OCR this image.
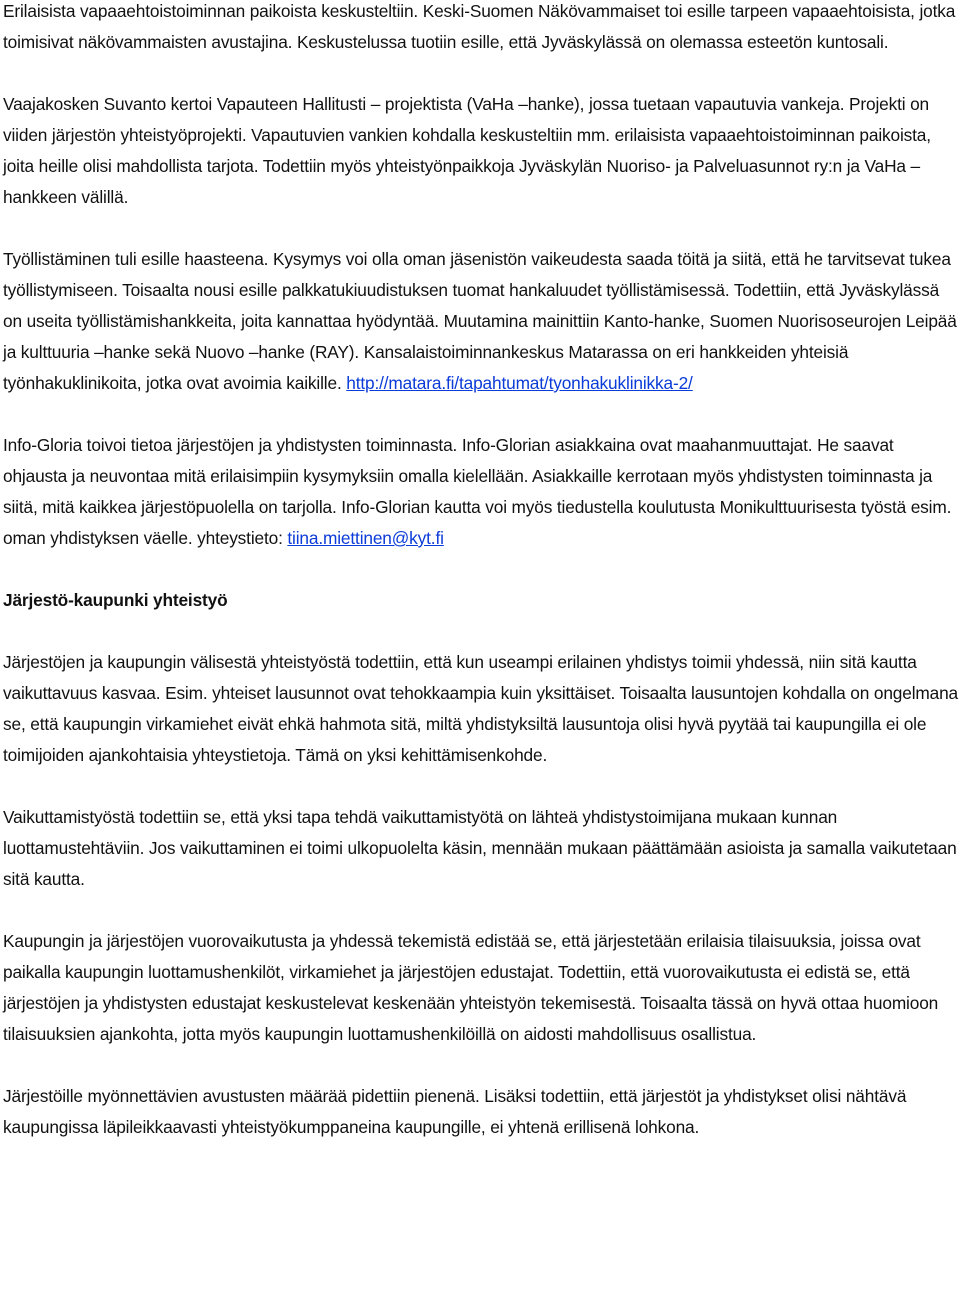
Erilaisista vapaaehtoistoiminnan paikoista keskusteltiin. Keski-Suomen Näkövammaiset toi esille tarpeen vapaaehtoisista, jotka toimisivat näkövammaisten avustajina. Keskustelussa tuotiin esille, että Jyväskylässä on olemassa esteetön kuntosali.

Vaajakosken Suvanto kertoi Vapauteen Hallitusti – projektista (VaHa –hanke), jossa tuetaan vapautuvia vankeja. Projekti on viiden järjestön yhteistyöprojekti. Vapautuvien vankien kohdalla keskusteltiin mm. erilaisista vapaaehtoistoiminnan paikoista, joita heille olisi mahdollista tarjota. Todettiin myös yhteistyönpaikkoja Jyväskylän Nuoriso- ja Palveluasunnot ry:n ja VaHa –hankkeen välillä.

Työllistäminen tuli esille haasteena. Kysymys voi olla oman jäsenistön vaikeudesta saada töitä ja siitä, että he tarvitsevat tukea työllistymiseen. Toisaalta nousi esille palkkatukiuudistuksen tuomat hankaluudet työllistämisessä. Todettiin, että Jyväskylässä on useita työllistämishankkeita, joita kannattaa hyödyntää. Muutamina mainittiin Kanto-hanke, Suomen Nuorisoseurojen Leipää ja kulttuuria –hanke sekä Nuovo –hanke (RAY). Kansalaistoiminnankeskus Matarassa on eri hankkeiden yhteisiä työnhakuklinikoita, jotka ovat avoimia kaikille. http://matara.fi/tapahtumat/tyonhakuklinikka-2/

Info-Gloria toivoi tietoa järjestöjen ja yhdistysten toiminnasta. Info-Glorian asiakkaina ovat maahanmuuttajat. He saavat ohjausta ja neuvontaa mitä erilaisimpiin kysymyksiin omalla kielellään. Asiakkaille kerrotaan myös yhdistysten toiminnasta ja siitä, mitä kaikkea järjestöpuolella on tarjolla. Info-Glorian kautta voi myös tiedustella koulutusta Monikulttuurisesta työstä esim. oman yhdistyksen väelle. yhteystieto: tiina.miettinen@kyt.fi

Järjestö-kaupunki yhteistyö

Järjestöjen ja kaupungin välisestä yhteistyöstä todettiin, että kun useampi erilainen yhdistys toimii yhdessä, niin sitä kautta vaikuttavuus kasvaa. Esim. yhteiset lausunnot ovat tehokkaampia kuin yksittäiset. Toisaalta lausuntojen kohdalla on ongelmana se, että kaupungin virkamiehet eivät ehkä hahmota sitä, miltä yhdistyksiltä lausuntoja olisi hyvä pyytää tai kaupungilla ei ole toimijoiden ajankohtaisia yhteystietoja. Tämä on yksi kehittämisenkohde.

Vaikuttamistyöstä todettiin se, että yksi tapa tehdä vaikuttamistyötä on lähteä yhdistystoimijana mukaan kunnan luottamustehtäviin. Jos vaikuttaminen ei toimi ulkopuolelta käsin, mennään mukaan päättämään asioista ja samalla vaikutetaan sitä kautta.

Kaupungin ja järjestöjen vuorovaikutusta ja yhdessä tekemistä edistää se, että järjestetään erilaisia tilaisuuksia, joissa ovat paikalla kaupungin luottamushenkilöt, virkamiehet ja järjestöjen edustajat. Todettiin, että vuorovaikutusta ei edistä se, että järjestöjen ja yhdistysten edustajat keskustelevat keskenään yhteistyön tekemisestä. Toisaalta tässä on hyvä ottaa huomioon tilaisuuksien ajankohta, jotta myös kaupungin luottamushenkilöillä on aidosti mahdollisuus osallistua.

Järjestöille myönnettävien avustusten määrää pidettiin pienenä. Lisäksi todettiin, että järjestöt ja yhdistykset olisi nähtävä kaupungissa läpileikkaavasti yhteistyökumppaneina kaupungille, ei yhtenä erillisenä lohkona.
